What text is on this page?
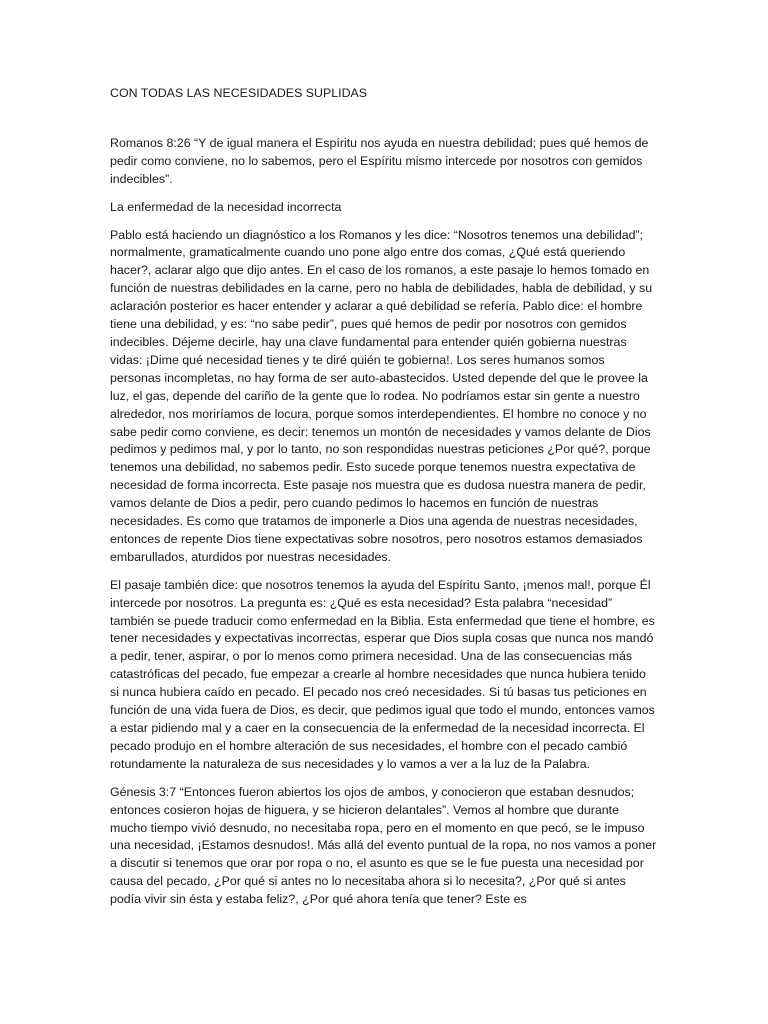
CON TODAS LAS NECESIDADES SUPLIDAS

Romanos 8:26 “Y de igual manera el Espíritu nos ayuda en nuestra debilidad; pues qué hemos de pedir como conviene, no lo sabemos, pero el Espíritu mismo intercede por nosotros con gemidos indecibles”.

La enfermedad de la necesidad incorrecta

Pablo está haciendo un diagnóstico a los Romanos y les dice: “Nosotros tenemos una debilidad”; normalmente, gramaticalmente cuando uno pone algo entre dos comas, ¿Qué está queriendo hacer?, aclarar algo que dijo antes. En el caso de los romanos, a este pasaje lo hemos tomado en función de nuestras debilidades en la carne, pero no habla de debilidades, habla de debilidad, y su aclaración posterior es hacer entender y aclarar a qué debilidad se refería. Pablo dice: el hombre tiene una debilidad, y es: “no sabe pedir”, pues qué hemos de pedir por nosotros con gemidos indecibles. Déjeme decirle, hay una clave fundamental para entender quién gobierna nuestras vidas: ¡Dime qué necesidad tienes y te diré quién te gobierna!. Los seres humanos somos personas incompletas, no hay forma de ser auto-abastecidos. Usted depende del que le provee la luz, el gas, depende del cariño de la gente que lo rodea. No podríamos estar sin gente a nuestro alrededor, nos moriríamos de locura, porque somos interdependientes. El hombre no conoce y no sabe pedir como conviene, es decir: tenemos un montón de necesidades y vamos delante de Dios pedimos y pedimos mal, y por lo tanto, no son respondidas nuestras peticiones ¿Por qué?, porque tenemos una debilidad, no sabemos pedir. Esto sucede porque tenemos nuestra expectativa de necesidad de forma incorrecta. Este pasaje nos muestra que es dudosa nuestra manera de pedir, vamos delante de Dios a pedir, pero cuando pedimos lo hacemos en función de nuestras necesidades. Es como que tratamos de imponerle a Dios una agenda de nuestras necesidades, entonces de repente Dios tiene expectativas sobre nosotros, pero nosotros estamos demasiados embarullados, aturdidos por nuestras necesidades.

El pasaje también dice: que nosotros tenemos la ayuda del Espíritu Santo, ¡menos mal!, porque Él intercede por nosotros. La pregunta es: ¿Qué es esta necesidad? Esta palabra “necesidad” también se puede traducir como enfermedad en la Biblia. Esta enfermedad que tiene el hombre, es tener necesidades y expectativas incorrectas, esperar que Dios supla cosas que nunca nos mandó a pedir, tener, aspirar, o por lo menos como primera necesidad. Una de las consecuencias más catastróficas del pecado, fue empezar a crearle al hombre necesidades que nunca hubiera tenido si nunca hubiera caído en pecado. El pecado nos creó necesidades. Si tú basas tus peticiones en función de una vida fuera de Dios, es decir, que pedimos igual que todo el mundo, entonces vamos a estar pidiendo mal y a caer en la consecuencia de la enfermedad de la necesidad incorrecta. El pecado produjo en el hombre alteración de sus necesidades, el hombre con el pecado cambió rotundamente la naturaleza de sus necesidades y lo vamos a ver a la luz de la Palabra.

Génesis 3:7 “Entonces fueron abiertos los ojos de ambos, y conocieron que estaban desnudos; entonces cosieron hojas de higuera, y se hicieron delantales”. Vemos al hombre que durante mucho tiempo vivió desnudo, no necesitaba ropa, pero en el momento en que pecó, se le impuso una necesidad, ¡Estamos desnudos!. Más allá del evento puntual de la ropa, no nos vamos a poner a discutir si tenemos que orar por ropa o no, el asunto es que se le fue puesta una necesidad por causa del pecado, ¿Por qué si antes no lo necesitaba ahora si lo necesita?, ¿Por qué si antes podía vivir sin ésta y estaba feliz?, ¿Por qué ahora tenía que tener? Este es
